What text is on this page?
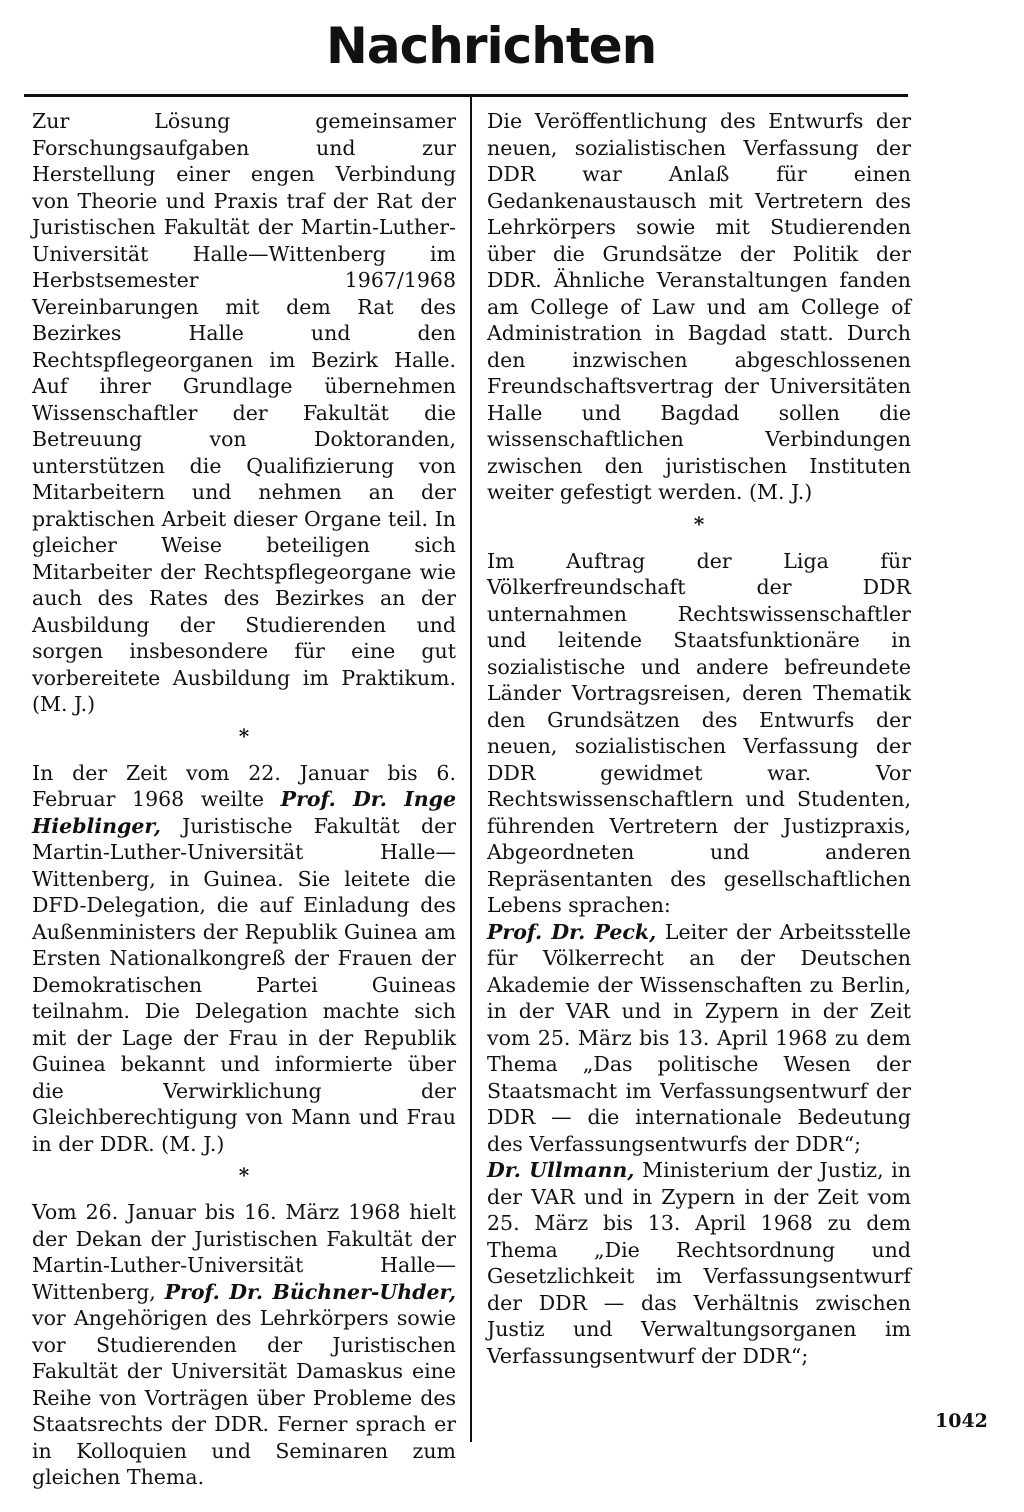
Nachrichten

Zur Lösung gemeinsamer Forschungsaufgaben und zur Herstellung einer engen Verbindung von Theorie und Praxis traf der Rat der Juristischen Fakultät der Martin-Luther-Universität Halle—Wittenberg im Herbstsemester 1967/1968 Vereinbarungen mit dem Rat des Bezirkes Halle und den Rechtspflegeorganen im Bezirk Halle. Auf ihrer Grundlage übernehmen Wissenschaftler der Fakultät die Betreuung von Doktoranden, unterstützen die Qualifizierung von Mitarbeitern und nehmen an der praktischen Arbeit dieser Organe teil. In gleicher Weise beteiligen sich Mitarbeiter der Rechtspflegeorgane wie auch des Rates des Bezirkes an der Ausbildung der Studierenden und sorgen insbesondere für eine gut vorbereitete Ausbildung im Praktikum. (M. J.)

*

In der Zeit vom 22. Januar bis 6. Februar 1968 weilte Prof. Dr. Inge Hieblinger, Juristische Fakultät der Martin-Luther-Universität Halle—Wittenberg, in Guinea. Sie leitete die DFD-Delegation, die auf Einladung des Außenministers der Republik Guinea am Ersten Nationalkongreß der Frauen der Demokratischen Partei Guineas teilnahm. Die Delegation machte sich mit der Lage der Frau in der Republik Guinea bekannt und informierte über die Verwirklichung der Gleichberechtigung von Mann und Frau in der DDR. (M. J.)

*

Vom 26. Januar bis 16. März 1968 hielt der Dekan der Juristischen Fakultät der Martin-Luther-Universität Halle—Wittenberg, Prof. Dr. Büchner-Uhder, vor Angehörigen des Lehrkörpers sowie vor Studierenden der Juristischen Fakultät der Universität Damaskus eine Reihe von Vorträgen über Probleme des Staatsrechts der DDR. Ferner sprach er in Kolloquien und Seminaren zum gleichen Thema.

Die Veröffentlichung des Entwurfs der neuen, sozialistischen Verfassung der DDR war Anlaß für einen Gedankenaustausch mit Vertretern des Lehrkörpers sowie mit Studierenden über die Grundsätze der Politik der DDR. Ähnliche Veranstaltungen fanden am College of Law und am College of Administration in Bagdad statt. Durch den inzwischen abgeschlossenen Freundschaftsvertrag der Universitäten Halle und Bagdad sollen die wissenschaftlichen Verbindungen zwischen den juristischen Instituten weiter gefestigt werden. (M. J.)

*

Im Auftrag der Liga für Völkerfreundschaft der DDR unternahmen Rechtswissenschaftler und leitende Staatsfunktionäre in sozialistische und andere befreundete Länder Vortragsreisen, deren Thematik den Grundsätzen des Entwurfs der neuen, sozialistischen Verfassung der DDR gewidmet war. Vor Rechtswissenschaftlern und Studenten, führenden Vertretern der Justizpraxis, Abgeordneten und anderen Repräsentanten des gesellschaftlichen Lebens sprachen:

Prof. Dr. Peck, Leiter der Arbeitsstelle für Völkerrecht an der Deutschen Akademie der Wissenschaften zu Berlin, in der VAR und in Zypern in der Zeit vom 25. März bis 13. April 1968 zu dem Thema „Das politische Wesen der Staatsmacht im Verfassungsentwurf der DDR — die internationale Bedeutung des Verfassungsentwurfs der DDR“;

Dr. Ullmann, Ministerium der Justiz, in der VAR und in Zypern in der Zeit vom 25. März bis 13. April 1968 zu dem Thema „Die Rechtsordnung und Gesetzlichkeit im Verfassungsentwurf der DDR — das Verhältnis zwischen Justiz und Verwaltungsorganen im Verfassungsentwurf der DDR“;

1042
